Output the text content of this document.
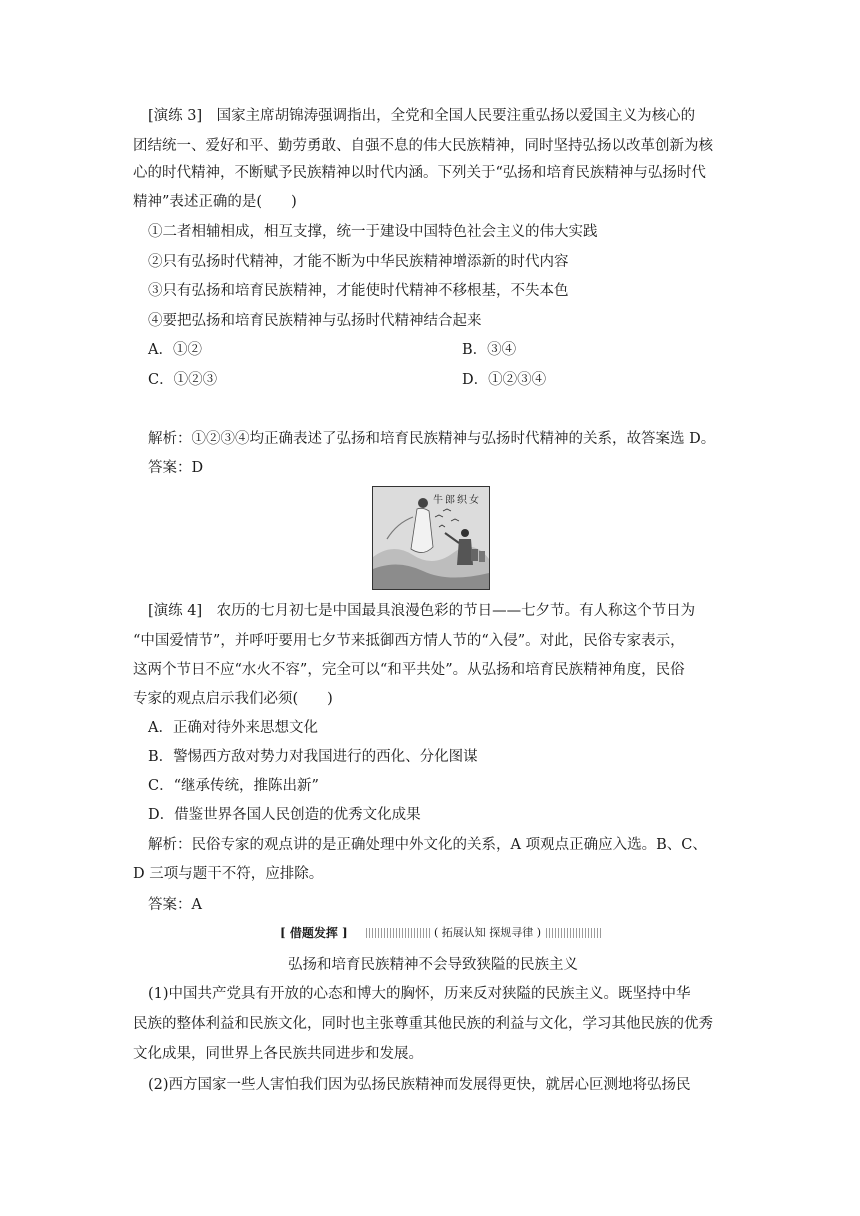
[演练 3]　国家主席胡锦涛强调指出，全党和全国人民要注重弘扬以爱国主义为核心的
团结统一、爱好和平、勤劳勇敢、自强不息的伟大民族精神，同时坚持弘扬以改革创新为核
心的时代精神，不断赋予民族精神以时代内涵。下列关于“弘扬和培育民族精神与弘扬时代
精神”表述正确的是(　　)
①二者相辅相成，相互支撑，统一于建设中国特色社会主义的伟大实践
②只有弘扬时代精神，才能不断为中华民族精神增添新的时代内容
③只有弘扬和培育民族精神，才能使时代精神不移根基，不失本色
④要把弘扬和培育民族精神与弘扬时代精神结合起来
A．①②	B．③④
C．①②③	D．①②③④
解析：①②③④均正确表述了弘扬和培育民族精神与弘扬时代精神的关系，故答案选 D。
答案：D
牛郎织女
[演练 4]　农历的七月初七是中国最具浪漫色彩的节日——七夕节。有人称这个节日为
“中国爱情节”，并呼吁要用七夕节来抵御西方情人节的“入侵”。对此，民俗专家表示，
这两个节日不应“水火不容”，完全可以“和平共处”。从弘扬和培育民族精神角度，民俗
专家的观点启示我们必须(　　)
A．正确对待外来思想文化
B．警惕西方敌对势力对我国进行的西化、分化图谋
C．“继承传统，推陈出新”
D．借鉴世界各国人民创造的优秀文化成果
解析：民俗专家的观点讲的是正确处理中外文化的关系，A 项观点正确应入选。B、C、
D 三项与题干不符，应排除。
答案：A
[ 借题发挥 ]	( 拓展认知 探规寻律 )
弘扬和培育民族精神不会导致狭隘的民族主义
(1)中国共产党具有开放的心态和博大的胸怀，历来反对狭隘的民族主义。既坚持中华
民族的整体利益和民族文化，同时也主张尊重其他民族的利益与文化，学习其他民族的优秀
文化成果，同世界上各民族共同进步和发展。
(2)西方国家一些人害怕我们因为弘扬民族精神而发展得更快，就居心叵测地将弘扬民
